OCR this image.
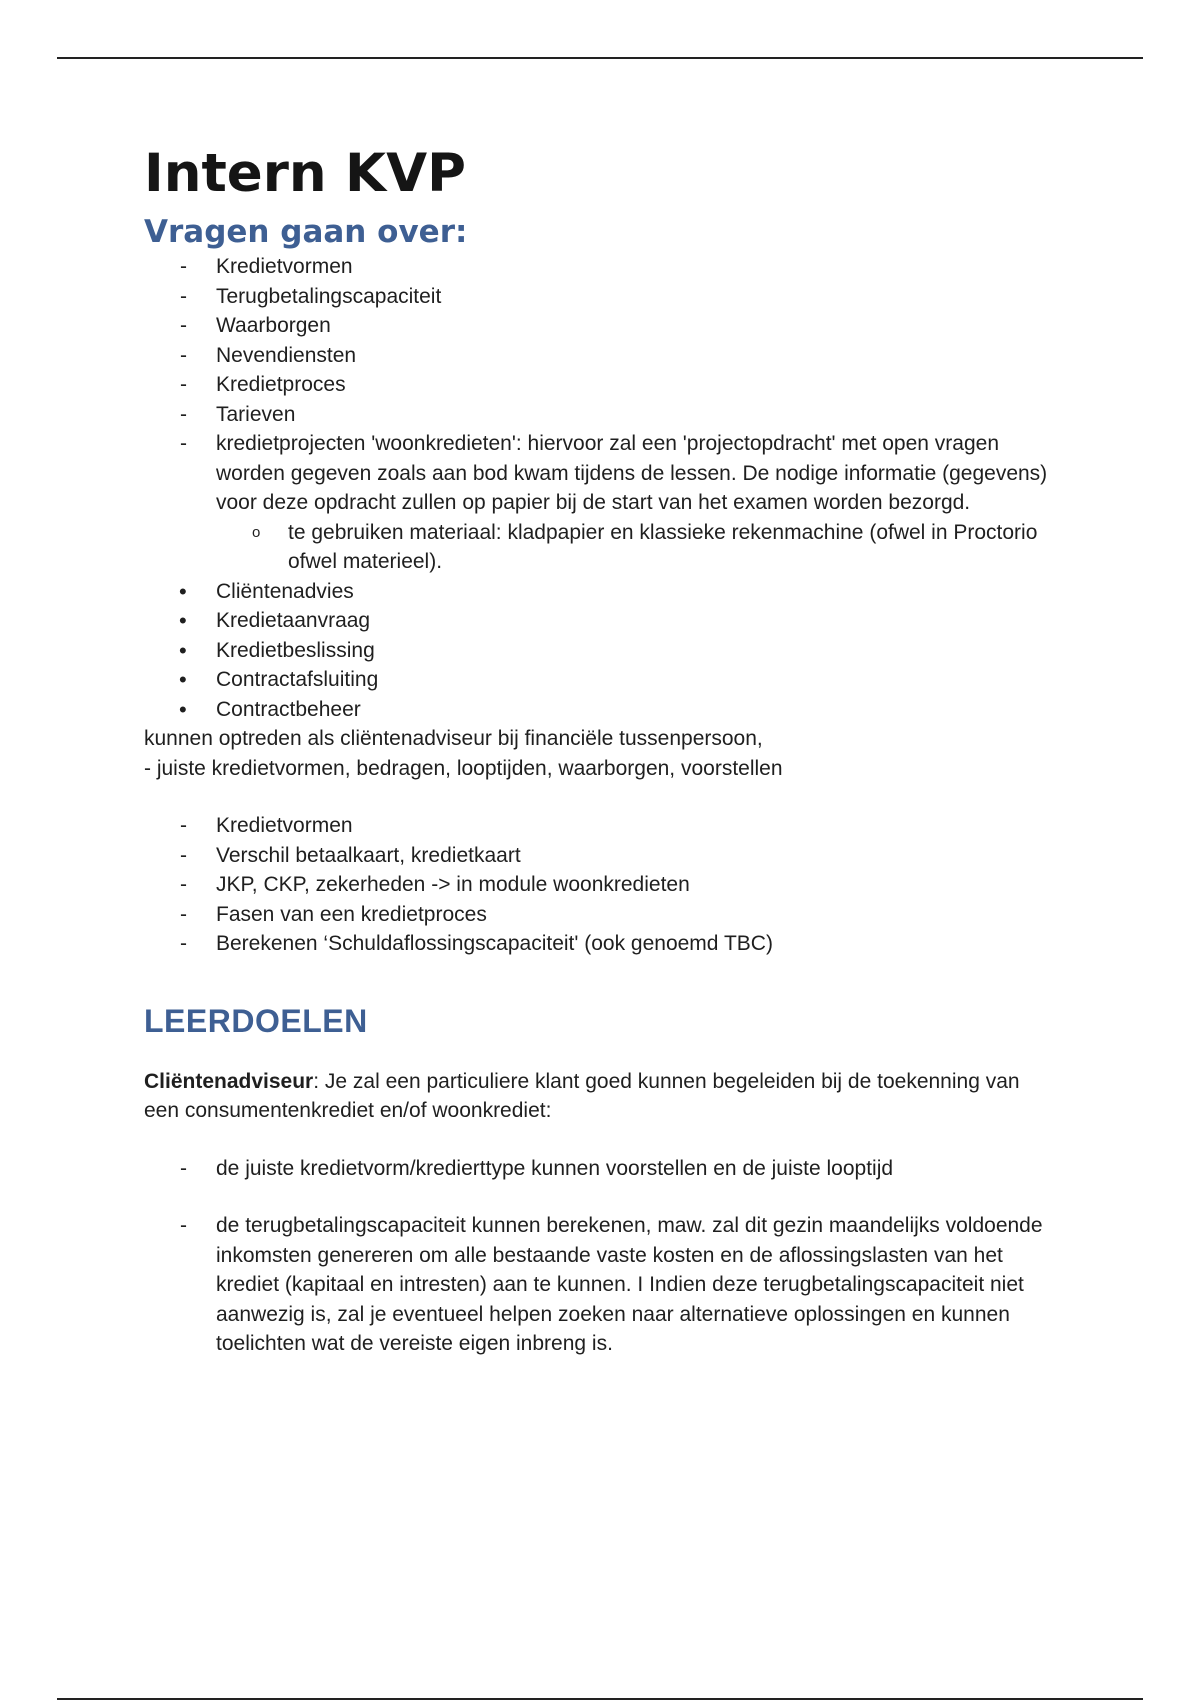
Intern KVP
Vragen gaan over:
-	Kredietvormen
-	Terugbetalingscapaciteit
-	Waarborgen
-	Nevendiensten
-	Kredietproces
-	Tarieven
-	kredietprojecten 'woonkredieten': hiervoor zal een 'projectopdracht' met open vragen worden gegeven zoals aan bod kwam tijdens de lessen. De nodige informatie (gegevens) voor deze opdracht zullen op papier bij de start van het examen worden bezorgd.
o	te gebruiken materiaal: kladpapier en klassieke rekenmachine (ofwel in Proctorio ofwel materieel).
•	Cliëntenadvies
•	Kredietaanvraag
•	Kredietbeslissing
•	Contractafsluiting
•	Contractbeheer

kunnen optreden als cliëntenadviseur bij financiële tussenpersoon,

- juiste kredietvormen, bedragen, looptijden, waarborgen, voorstellen

-	Kredietvormen
-	Verschil betaalkaart, kredietkaart
-	JKP, CKP, zekerheden -> in module woonkredieten
-	Fasen van een kredietproces
-	Berekenen ‘Schuldaflossingscapaciteit' (ook genoemd TBC)
LEERDOELEN

Cliëntenadviseur: Je zal een particuliere klant goed kunnen begeleiden bij de toekenning van een consumentenkrediet en/of woonkrediet:

-	de juiste kredietvorm/kredierttype kunnen voorstellen en de juiste looptijd
-	de terugbetalingscapaciteit kunnen berekenen, maw. zal dit gezin maandelijks voldoende inkomsten genereren om alle bestaande vaste kosten en de aflossingslasten van het krediet (kapitaal en intresten) aan te kunnen. I Indien deze terugbetalingscapaciteit niet aanwezig is, zal je eventueel helpen zoeken naar alternatieve oplossingen en kunnen toelichten wat de vereiste eigen inbreng is.
